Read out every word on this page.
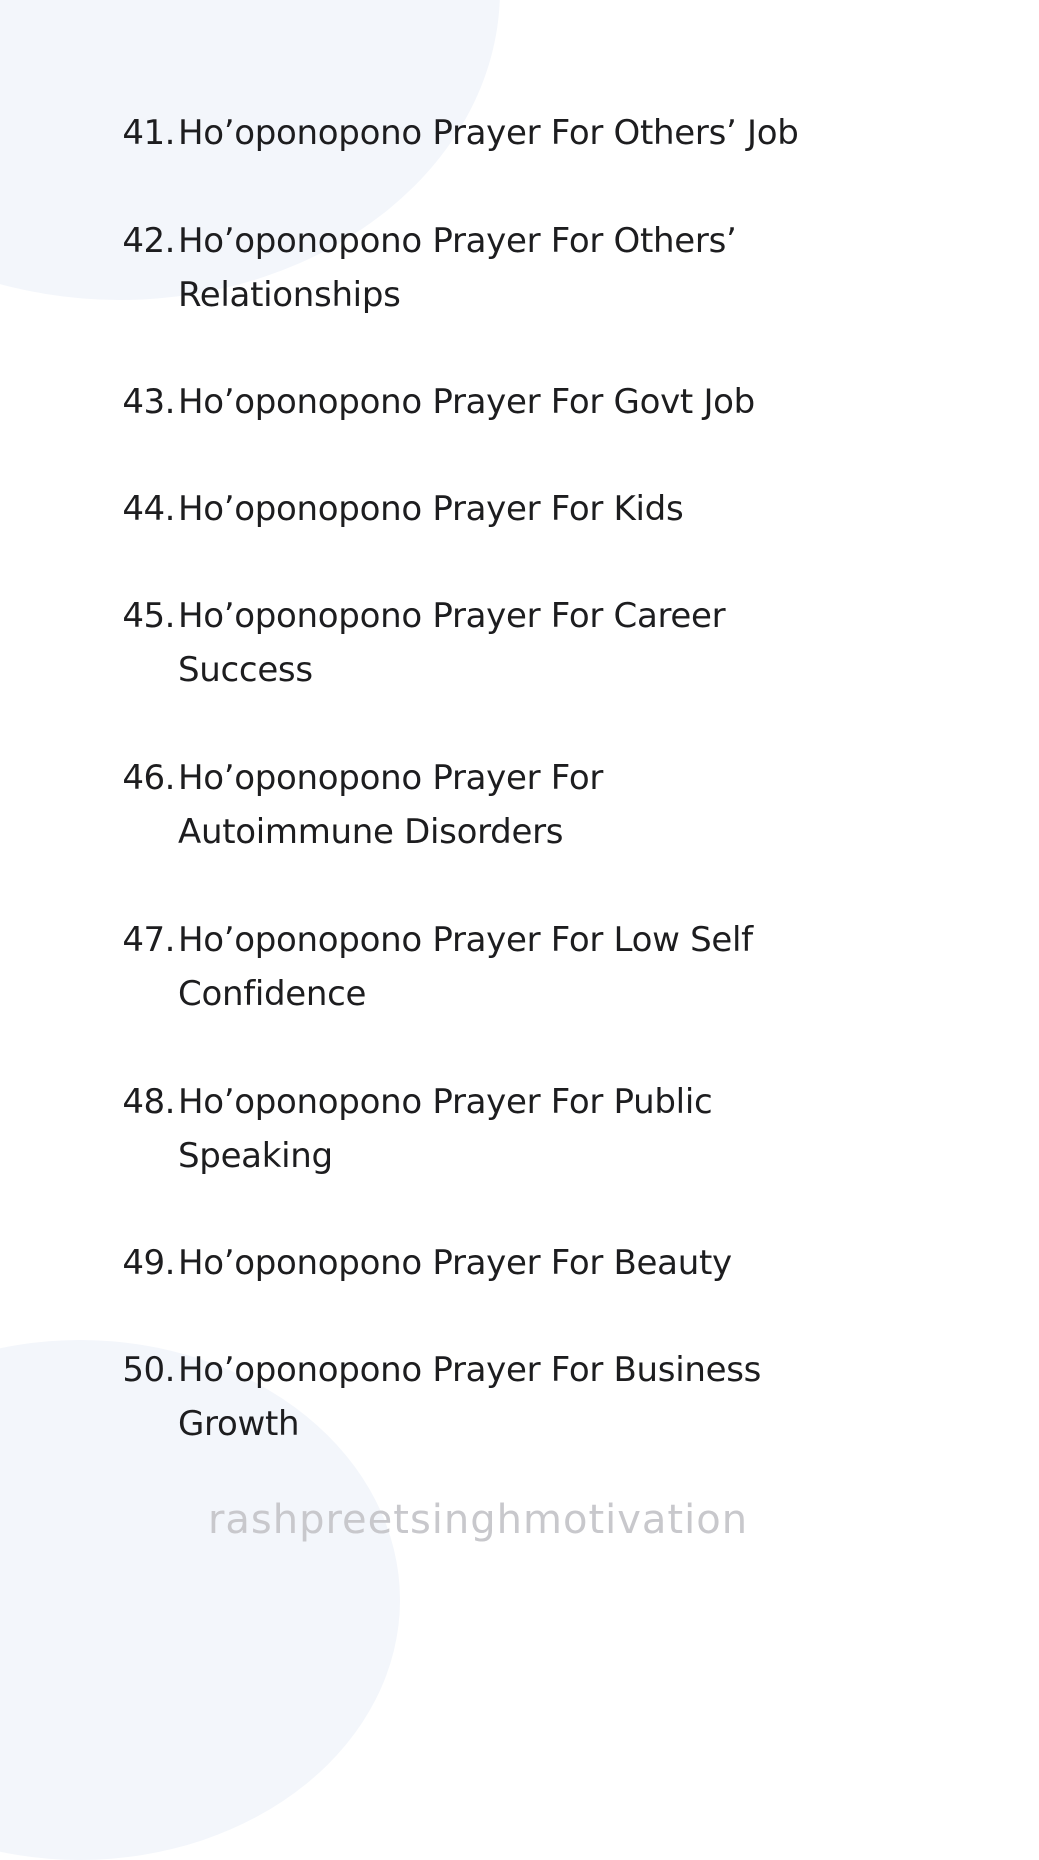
41. Ho’oponopono Prayer For Others’ Job
42. Ho’oponopono Prayer For Others’ Relationships
43. Ho’oponopono Prayer For Govt Job
44. Ho’oponopono Prayer For Kids
45. Ho’oponopono Prayer For Career Success
46. Ho’oponopono Prayer For Autoimmune Disorders
47. Ho’oponopono Prayer For Low Self Confidence
48. Ho’oponopono Prayer For Public Speaking
49. Ho’oponopono Prayer For Beauty
50. Ho’oponopono Prayer For Business Growth
rashpreetsinghmotivation
